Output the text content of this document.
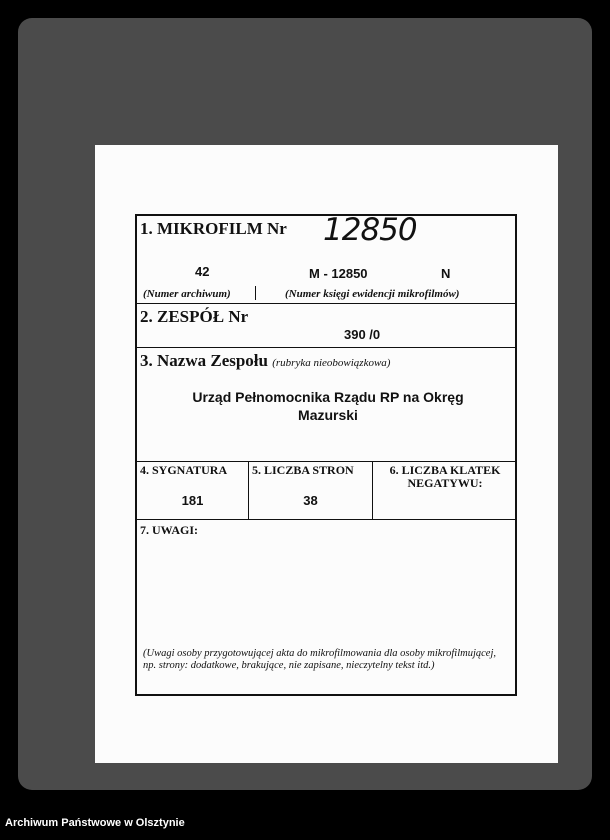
1. MIKROFILM Nr 12850
42	M - 12850	N
(Numer archiwum)	(Numer księgi ewidencji mikrofilmów)
2. ZESPÓŁ Nr
390 /0
3. Nazwa Zespołu (rubryka nieobowiązkowa)
Urząd Pełnomocnika Rządu RP na Okręg
Mazurski
4. SYGNATURA
181
5. LICZBA STRON
38
6. LICZBA KLATEK
NEGATYWU:
7. UWAGI:
(Uwagi osoby przygotowującej akta do mikrofilmowania dla osoby mikrofilmującej,
np. strony: dodatkowe, brakujące, nie zapisane, nieczytelny tekst itd.)
Archiwum Państwowe w Olsztynie
